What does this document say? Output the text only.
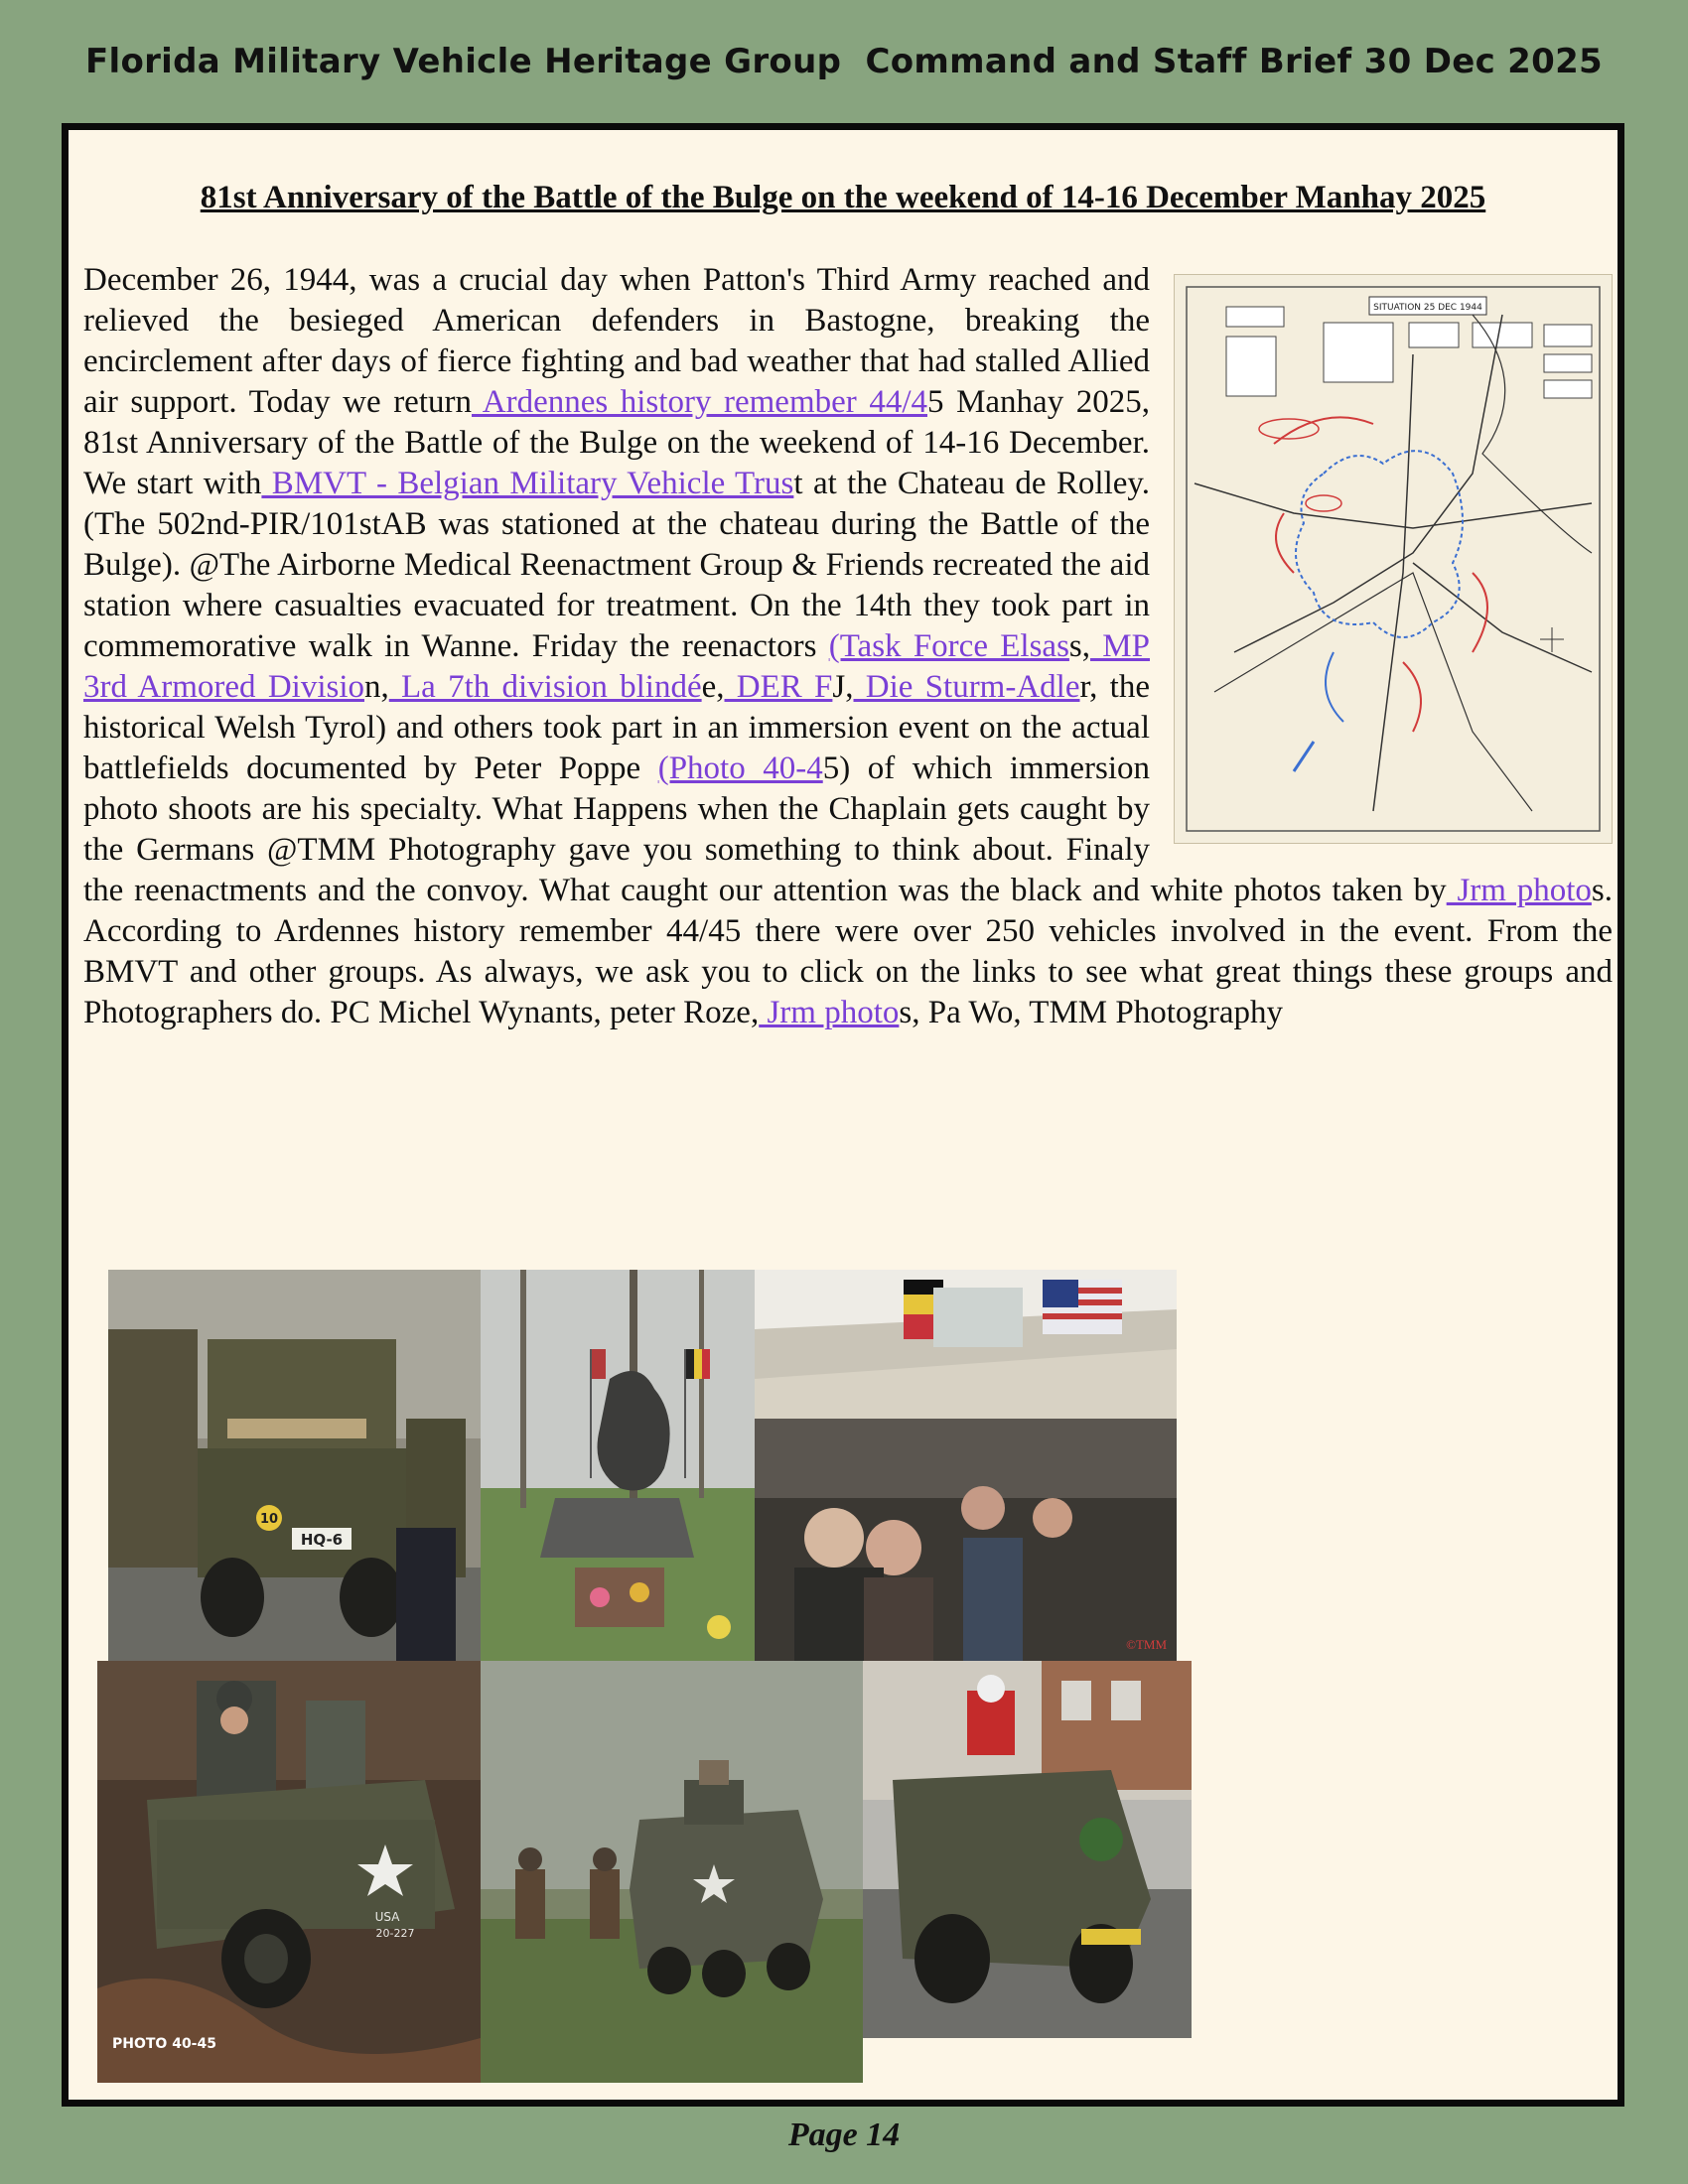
Florida Military Vehicle Heritage Group Command and Staff Brief 30 Dec 2025
81st Anniversary of the Battle of the Bulge on the weekend of 14-16 December Manhay 2025
SITUATION 25 DEC 1944
December 26, 1944, was a crucial day when Patton's Third Army reached and relieved the besieged American defenders in Bastogne, breaking the encirclement after days of fierce fighting and bad weather that had stalled Allied air support. Today we return Ardennes history remember 44/45 Manhay 2025, 81st Anniversary of the Battle of the Bulge on the weekend of 14-16 December. We start with BMVT - Belgian Military Vehicle Trust at the Chateau de Rolley. (The 502nd-PIR/101stAB was stationed at the chateau during the Battle of the Bulge). @The Airborne Medical Reenactment Group & Friends recreated the aid station where casualties evacuated for treatment. On the 14th they took part in commemorative walk in Wanne. Friday the reenactors (Task Force Elsass, MP 3rd Armored Division, La 7th division blindée, DER FJ, Die Sturm-Adler, the historical Welsh Tyrol) and others took part in an immersion event on the actual battlefields documented by Peter Poppe (Photo 40-45) of which immersion photo shoots are his specialty. What Happens when the Chaplain gets caught by the Germans @TMM Photography gave you something to think about. Finaly the reenactments and the convoy. What caught our attention was the black and white photos taken by Jrm photos. According to Ardennes history remember 44/45 there were over 250 vehicles involved in the event. From the BMVT and other groups. As always, we ask you to click on the links to see what great things these groups and Photographers do. PC Michel Wynants, peter Roze, Jrm photos, Pa Wo, TMM Photography
HQ-6
10
©TMM
USA
20-227
PHOTO 40-45
Page 14
